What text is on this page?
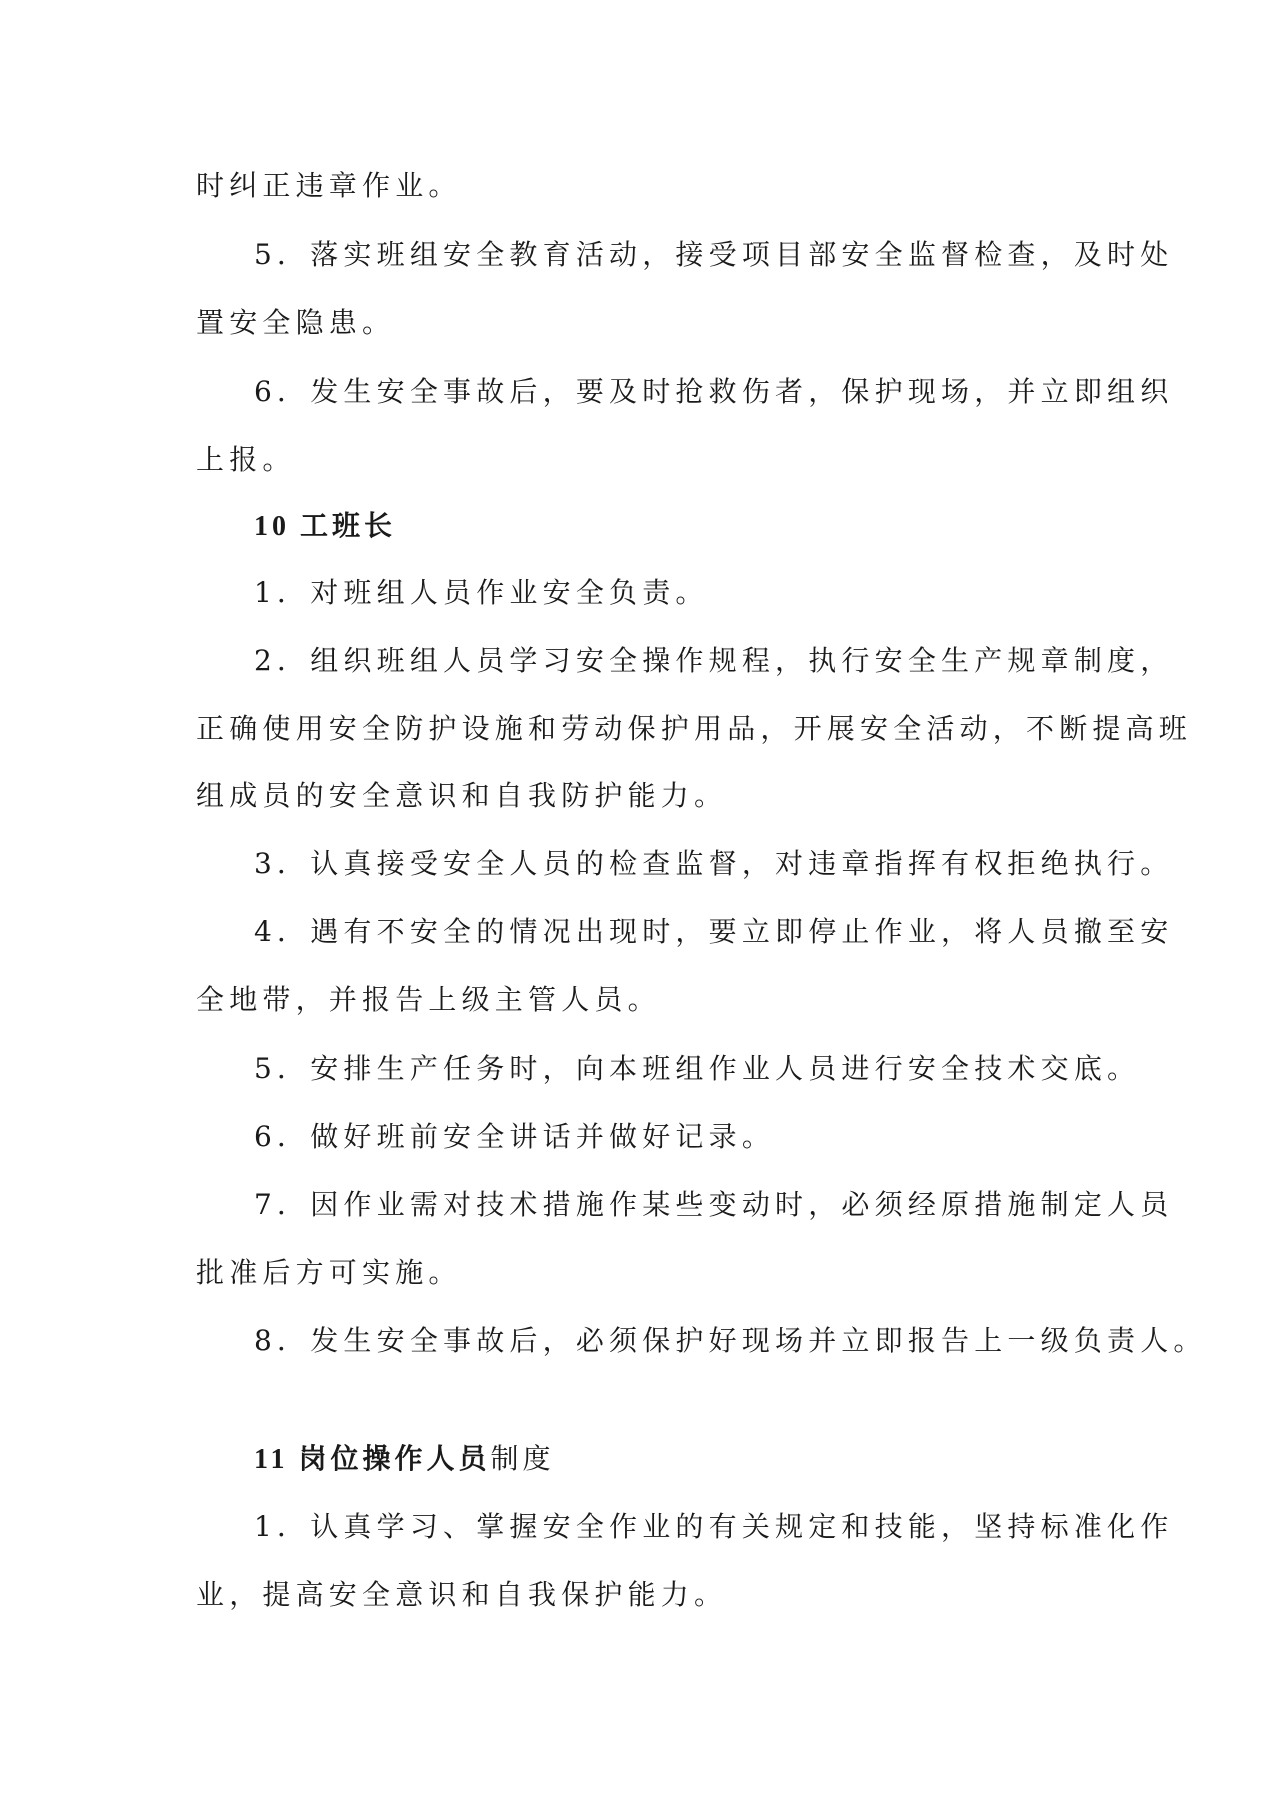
时纠正违章作业。
5．落实班组安全教育活动，接受项目部安全监督检查，及时处
置安全隐患。
6．发生安全事故后，要及时抢救伤者，保护现场，并立即组织
上报。
10 工班长
1．对班组人员作业安全负责。
2．组织班组人员学习安全操作规程，执行安全生产规章制度，
正确使用安全防护设施和劳动保护用品，开展安全活动，不断提高班
组成员的安全意识和自我防护能力。
3．认真接受安全人员的检查监督，对违章指挥有权拒绝执行。
4．遇有不安全的情况出现时，要立即停止作业，将人员撤至安
全地带，并报告上级主管人员。
5．安排生产任务时，向本班组作业人员进行安全技术交底。
6．做好班前安全讲话并做好记录。
7．因作业需对技术措施作某些变动时，必须经原措施制定人员
批准后方可实施。
8．发生安全事故后，必须保护好现场并立即报告上一级负责人。
11 岗位操作人员制度
1．认真学习、掌握安全作业的有关规定和技能，坚持标准化作
业，提高安全意识和自我保护能力。
